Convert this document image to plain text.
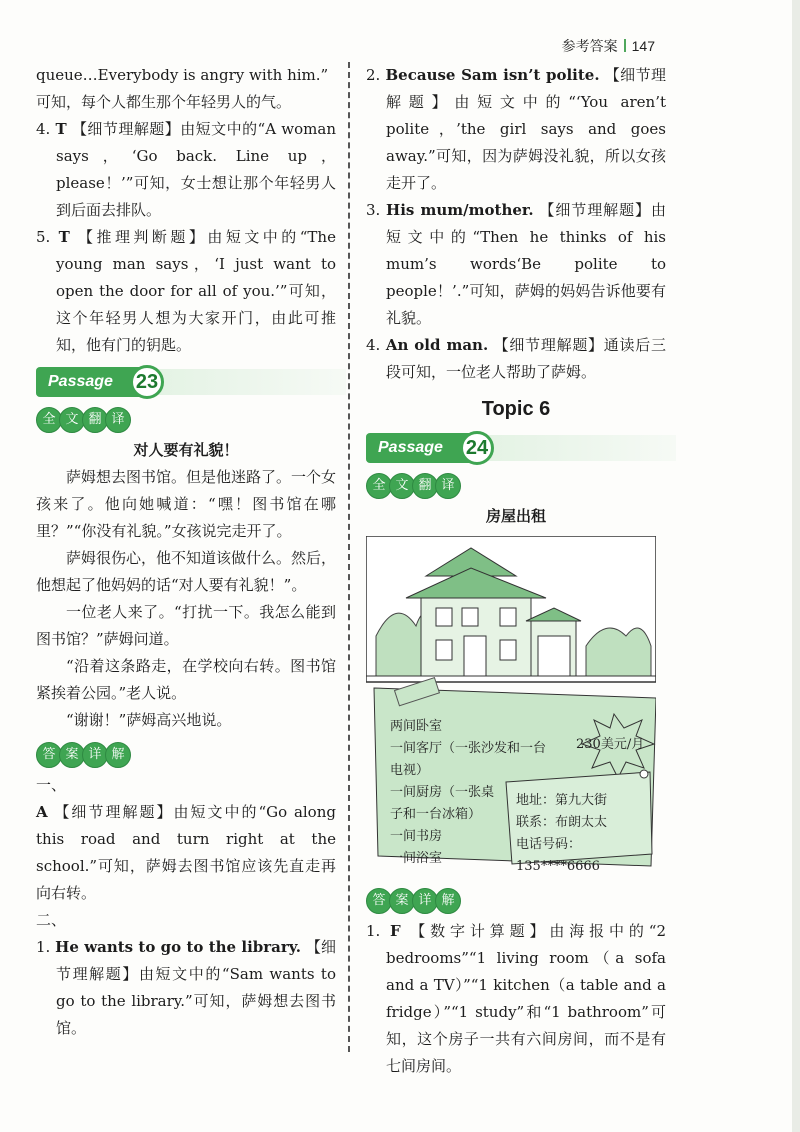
参考答案 147

queue…Everybody is angry with him.”

可知，每个人都生那个年轻男人的气。

4. T 【细节理解题】由短文中的“A woman says，‘Go back. Line up，please！’”可知，女士想让那个年轻男人到后面去排队。

5. T 【推理判断题】由短文中的“The young man says，‘I just want to open the door for all of you.’”可知，这个年轻男人想为大家开门，由此可推知，他有门的钥匙。

Passage	23
全 文 翻 译

对人要有礼貌！

萨姆想去图书馆。但是他迷路了。一个女孩来了。他向她喊道：“嘿！图书馆在哪里？”“你没有礼貌。”女孩说完走开了。

萨姆很伤心，他不知道该做什么。然后，他想起了他妈妈的话“对人要有礼貌！”。

一位老人来了。“打扰一下。我怎么能到图书馆？”萨姆问道。

“沿着这条路走，在学校向右转。图书馆紧挨着公园。”老人说。

“谢谢！”萨姆高兴地说。

答 案 详 解

一、

A 【细节理解题】由短文中的“Go along this road and turn right at the school.”可知，萨姆去图书馆应该先直走再向右转。

二、

1. He wants to go to the library. 【细节理解题】由短文中的“Sam wants to go to the library.”可知，萨姆想去图书馆。

2. Because Sam isn’t polite. 【细节理解题】由短文中的“‘You aren’t polite，’the girl says and goes away.”可知，因为萨姆没礼貌，所以女孩走开了。

3. His mum/mother. 【细节理解题】由短文中的“Then he thinks of his mum’s words‘Be polite to people！’.”可知，萨姆的妈妈告诉他要有礼貌。

4. An old man. 【细节理解题】通读后三段可知，一位老人帮助了萨姆。

Topic 6
Passage	24
全 文 翻 译

房屋出租

两间卧室
一间客厅（一张沙发和一台
电视）
一间厨房（一张桌
子和一台冰箱）
一间书房
一间浴室
230美元/月
地址：第九大街
联系：布朗太太
电话号码：135****6666
答 案 详 解

1. F 【数字计算题】由海报中的“2 bedrooms”“1 living room（a sofa and a TV）”“1 kitchen（a table and a fridge）”“1 study”和“1 bathroom”可知，这个房子一共有六间房间，而不是有七间房间。
